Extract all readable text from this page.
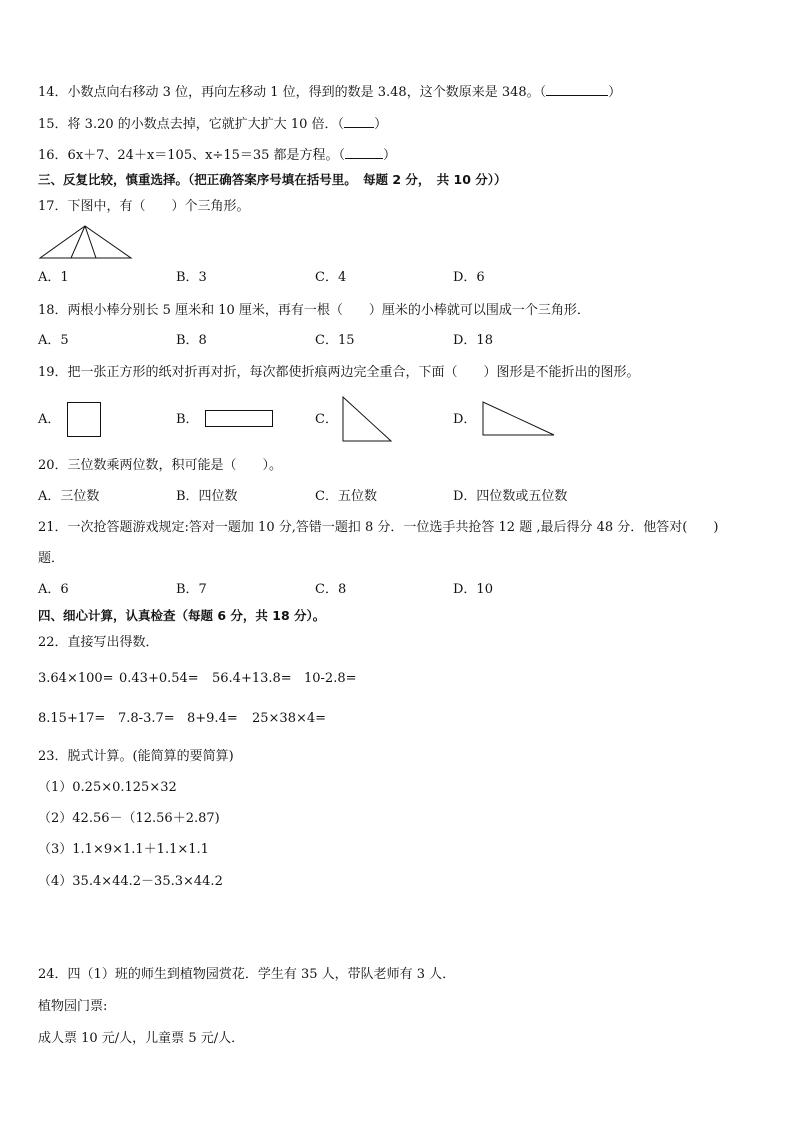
14．小数点向右移动 3 位，再向左移动 1 位，得到的数是 3.48，这个数原来是 348。（	）
15．将 3.20 的小数点去掉，它就扩大扩大 10 倍．（ ）
16．6x＋7、24＋x＝105、x÷15＝35 都是方程。（	）
三、反复比较，慎重选择。（把正确答案序号填在括号里。　每题 2 分，　共 10 分））
17．下图中，有（　　）个三角形。
A．1	B．3	C．4	D．6
18．两根小棒分别长 5 厘米和 10 厘米，再有一根（　　）厘米的小棒就可以围成一个三角形．
A．5	B．8	C．15	D．18
19．把一张正方形的纸对折再对折，每次都使折痕两边完全重合，下面（　　）图形是不能折出的图形。
A．	B．	C．	D．
20．三位数乘两位数，积可能是（　　）。
A．三位数	B．四位数	C．五位数	D．四位数或五位数
21．一次抢答题游戏规定:答对一题加 10 分,答错一题扣 8 分．一位选手共抢答 12 题 ,最后得分 48 分．他答对(　　)
题．
A．6	B．7	C．8	D．10
四、细心计算，认真检查（每题 6 分，共 18 分）。
22．直接写出得数．
3.64×100= 0.43+0.54= 56.4+13.8= 10-2.8=
8.15+17= 7.8-3.7= 8+9.4= 25×38×4=
23．脱式计算。(能简算的要简算)
（1）0.25×0.125×32
（2）42.56－（12.56＋2.87)
（3）1.1×9×1.1＋1.1×1.1
（4）35.4×44.2－35.3×44.2
24．四（1）班的师生到植物园赏花．学生有 35 人，带队老师有 3 人．
植物园门票:
成人票 10 元/人，儿童票 5 元/人．
